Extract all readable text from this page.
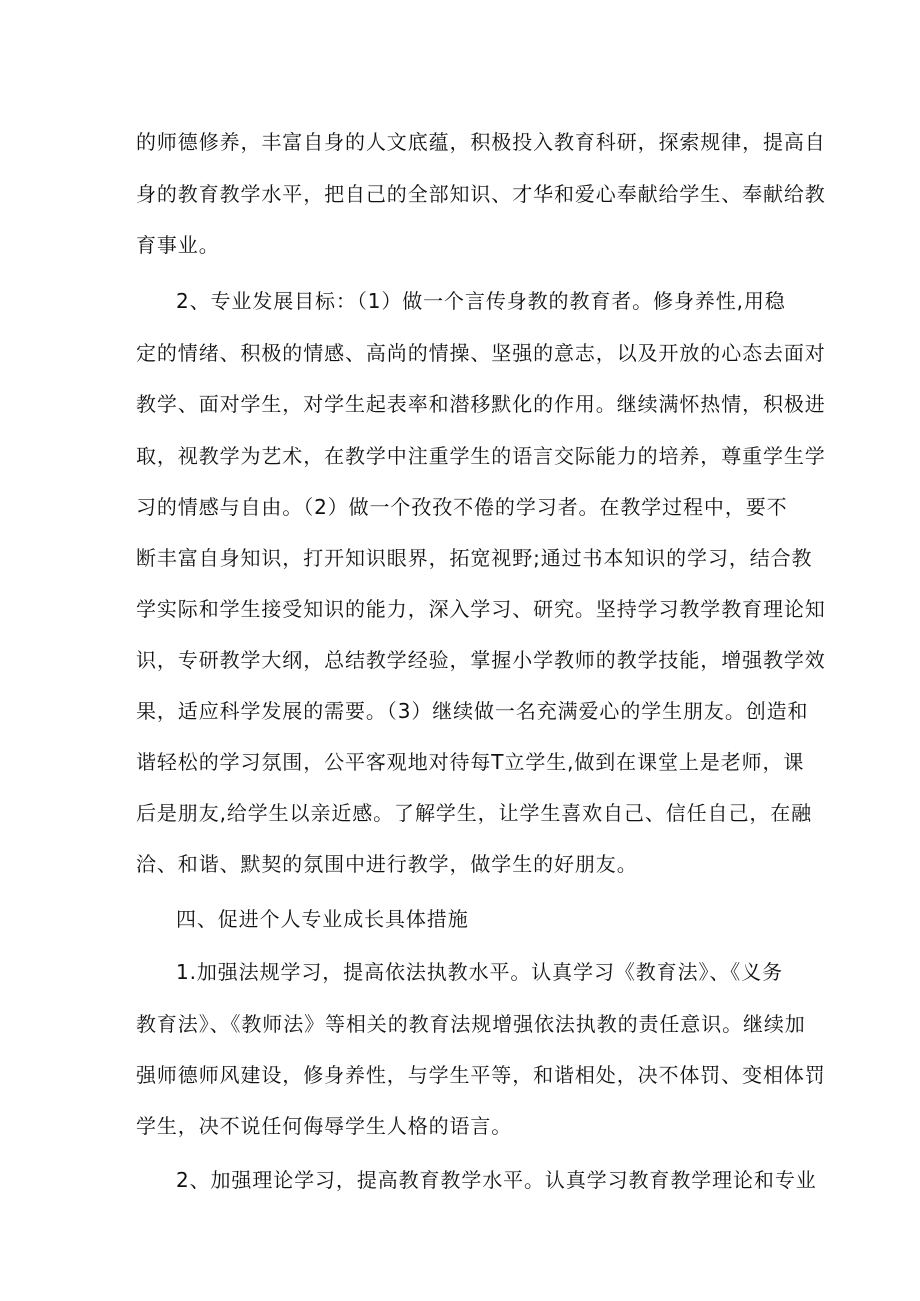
的师德修养，丰富自身的人文底蕴，积极投入教育科研，探索规律，提高自
身的教育教学水平，把自己的全部知识、才华和爱心奉献给学生、奉献给教
育事业。
2、专业发展目标：（1）做一个言传身教的教育者。修身养性,用稳
定的情绪、积极的情感、高尚的情操、坚强的意志，以及开放的心态去面对
教学、面对学生，对学生起表率和潜移默化的作用。继续满怀热情，积极进
取，视教学为艺术，在教学中注重学生的语言交际能力的培养，尊重学生学
习的情感与自由。（2）做一个孜孜不倦的学习者。在教学过程中，要不
断丰富自身知识，打开知识眼界，拓宽视野;通过书本知识的学习，结合教
学实际和学生接受知识的能力，深入学习、研究。坚持学习教学教育理论知
识，专研教学大纲，总结教学经验，掌握小学教师的教学技能，增强教学效
果，适应科学发展的需要。（3）继续做一名充满爱心的学生朋友。创造和
谐轻松的学习氛围，公平客观地对待每T立学生,做到在课堂上是老师，课
后是朋友,给学生以亲近感。了解学生，让学生喜欢自己、信任自己，在融
洽、和谐、默契的氛围中进行教学，做学生的好朋友。
四、促进个人专业成长具体措施
1.加强法规学习，提高依法执教水平。认真学习《教育法》、《义务
教育法》、《教师法》等相关的教育法规增强依法执教的责任意识。继续加
强师德师风建设，修身养性，与学生平等，和谐相处，决不体罚、变相体罚
学生，决不说任何侮辱学生人格的语言。
2、加强理论学习，提高教育教学水平。认真学习教育教学理论和专业
